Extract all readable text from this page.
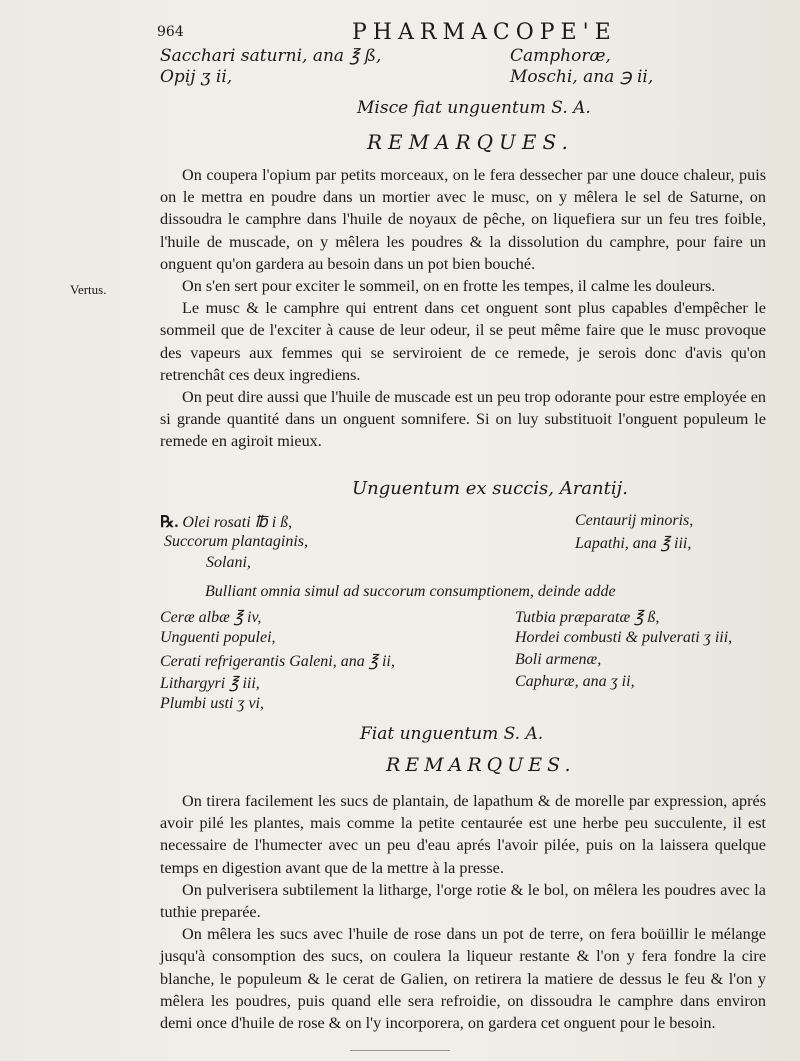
964	PHARMACOPE'E
Sacchari saturni, ana ℥ ß,
Opij ʒ ii,
Camphoræ,
Moschi, ana ℈ ii,
Misce fiat unguentum S. A.
REMARQUES.
Vertus.

On coupera l'opium par petits morceaux, on le fera dessecher par une douce chaleur, puis on le mettra en poudre dans un mortier avec le musc, on y mêlera le sel de Saturne, on dissoudra le camphre dans l'huile de noyaux de pêche, on liquefiera sur un feu tres foible, l'huile de muscade, on y mêlera les poudres & la dissolution du camphre, pour faire un onguent qu'on gardera au besoin dans un pot bien bouché.

On s'en sert pour exciter le sommeil, on en frotte les tempes, il calme les douleurs.

Le musc & le camphre qui entrent dans cet onguent sont plus capables d'empêcher le sommeil que de l'exciter à cause de leur odeur, il se peut même faire que le musc provoque des vapeurs aux femmes qui se serviroient de ce remede, je serois donc d'avis qu'on retrenchât ces deux ingrediens.

On peut dire aussi que l'huile de muscade est un peu trop odorante pour estre employée en si grande quantité dans un onguent somnifere. Si on luy substituoit l'onguent populeum le remede en agiroit mieux.

Unguentum ex succis, Arantij.
℞. Olei rosati ℔ i ß,
Succorum plantaginis,
Solani,
Centaurij minoris,
Lapathi, ana ℥ iii,
Bulliant omnia simul ad succorum consumptionem, deinde adde
Ceræ albæ ℥ iv,
Unguenti populei,
Cerati refrigerantis Galeni, ana ℥ ii,
Lithargyri ℥ iii,
Plumbi usti ʒ vi,
Tutbia præparatæ ℥ ß,
Hordei combusti & pulverati ʒ iii,
Boli armenæ,
Caphuræ, ana ʒ ii,
Fiat unguentum S. A.
REMARQUES.

On tirera facilement les sucs de plantain, de lapathum & de morelle par expression, aprés avoir pilé les plantes, mais comme la petite centaurée est une herbe peu succulente, il est necessaire de l'humecter avec un peu d'eau aprés l'avoir pilée, puis on la laissera quelque temps en digestion avant que de la mettre à la presse.

On pulverisera subtilement la litharge, l'orge rotie & le bol, on mêlera les poudres avec la tuthie preparée.

On mêlera les sucs avec l'huile de rose dans un pot de terre, on fera boüillir le mélange jusqu'à consomption des sucs, on coulera la liqueur restante & l'on y fera fondre la cire blanche, le populeum & le cerat de Galien, on retirera la matiere de dessus le feu & l'on y mêlera les poudres, puis quand elle sera refroidie, on dissoudra le camphre dans environ demi once d'huile de rose & on l'y incorporera, on gardera cet onguent pour le besoin.
